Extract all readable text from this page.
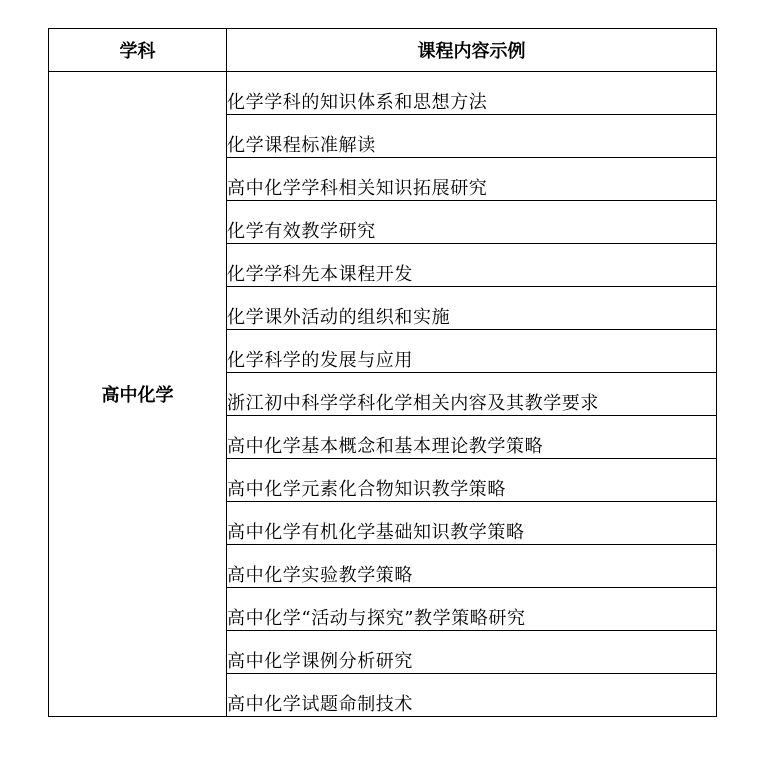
学科	课程内容示例
高中化学	化学学科的知识体系和思想方法
	化学课程标准解读
	高中化学学科相关知识拓展研究
	化学有效教学研究
	化学学科先本课程开发
	化学课外活动的组织和实施
	化学科学的发展与应用
	浙江初中科学学科化学相关内容及其教学要求
	高中化学基本概念和基本理论教学策略
	高中化学元素化合物知识教学策略
	高中化学有机化学基础知识教学策略
	高中化学实验教学策略
	高中化学“活动与探究”教学策略研究
	高中化学课例分析研究
	高中化学试题命制技术
